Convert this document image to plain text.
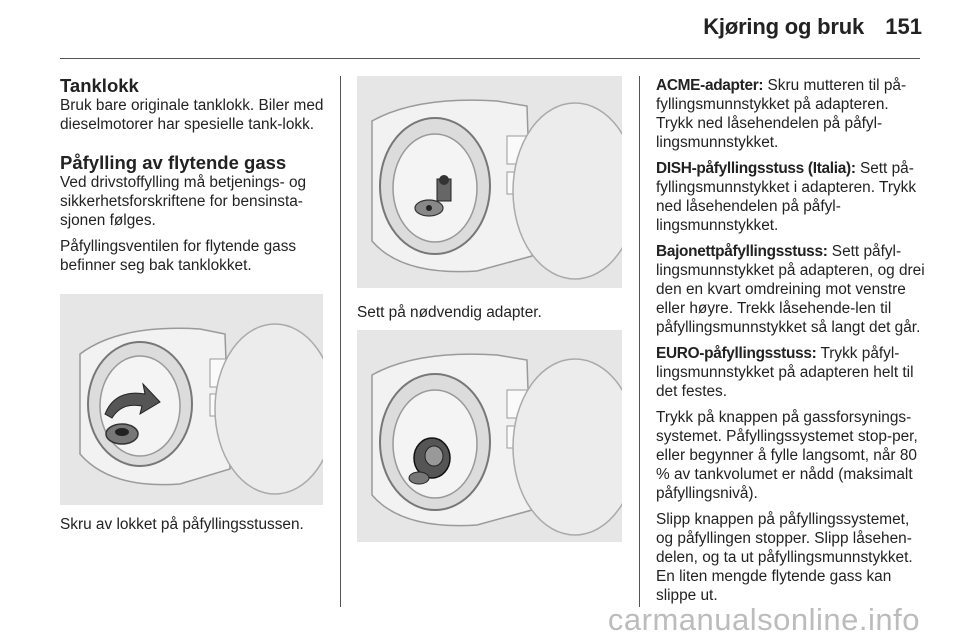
Kjøring og bruk 151
Tanklokk

Bruk bare originale tanklokk. Biler med dieselmotorer har spesielle tank-lokk.

Påfylling av flytende gass

Ved drivstoffylling må betjenings- og sikkerhetsforskriftene for bensinsta-sjonen følges.

Påfyllingsventilen for flytende gass befinner seg bak tanklokket.

Skru av lokket på påfyllingsstussen.
Sett på nødvendig adapter.

ACME-adapter: Skru mutteren til på-fyllingsmunnstykket på adapteren. Trykk ned låsehendelen på påfyl-lingsmunnstykket.

DISH-påfyllingsstuss (Italia): Sett på-fyllingsmunnstykket i adapteren. Trykk ned låsehendelen på påfyl-lingsmunnstykket.

Bajonettpåfyllingsstuss: Sett påfyl-lingsmunnstykket på adapteren, og drei den en kvart omdreining mot venstre eller høyre. Trekk låsehende-len til påfyllingsmunnstykket så langt det går.

EURO-påfyllingsstuss: Trykk påfyl-lingsmunnstykket på adapteren helt til det festes.

Trykk på knappen på gassforsynings-systemet. Påfyllingssystemet stop-per, eller begynner å fylle langsomt, når 80 % av tankvolumet er nådd (maksimalt påfyllingsnivå).

Slipp knappen på påfyllingssystemet, og påfyllingen stopper. Slipp låsehen-delen, og ta ut påfyllingsmunnstykket. En liten mengde flytende gass kan slippe ut.

carmanualsonline.info
